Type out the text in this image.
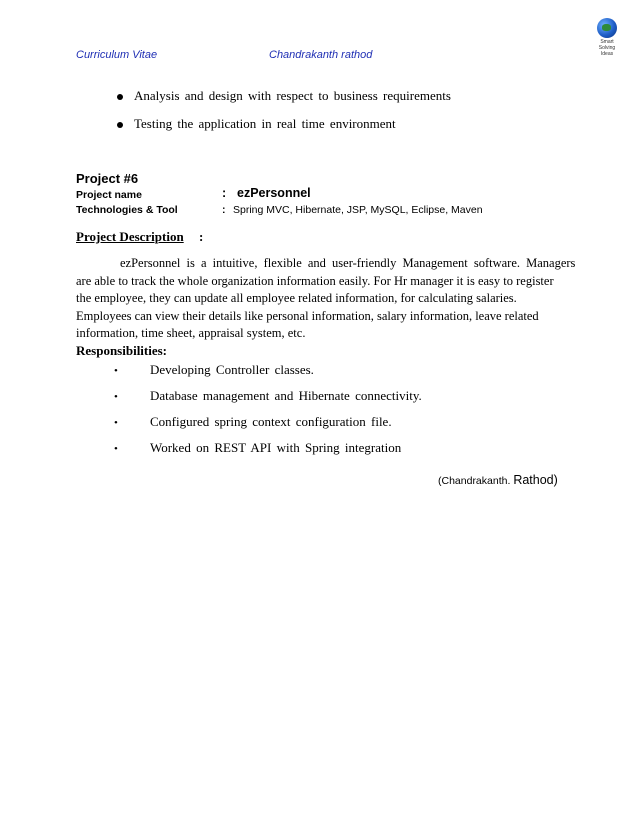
Curriculum Vitae	Chandrakanth rathod
Smart Solving Ideas
Analysis and design with respect to business requirements
Testing the application in real time environment
Project #6
Project name	: ezPersonnel
Technologies & Tool	: Spring MVC, Hibernate, JSP, MySQL, Eclipse, Maven
Project Description :
ezPersonnel is a intuitive, flexible and user-friendly Management software. Managers
are able to track the whole organization information easily. For Hr manager it is easy to register
the employee, they can update all employee related information, for calculating salaries.
Employees can view their details like personal information, salary information, leave related
information, time sheet, appraisal system, etc.
Responsibilities:
• Developing Controller classes.
• Database management and Hibernate connectivity.
• Configured spring context configuration file.
• Worked on REST API with Spring integration
(Chandrakanth. Rathod)
